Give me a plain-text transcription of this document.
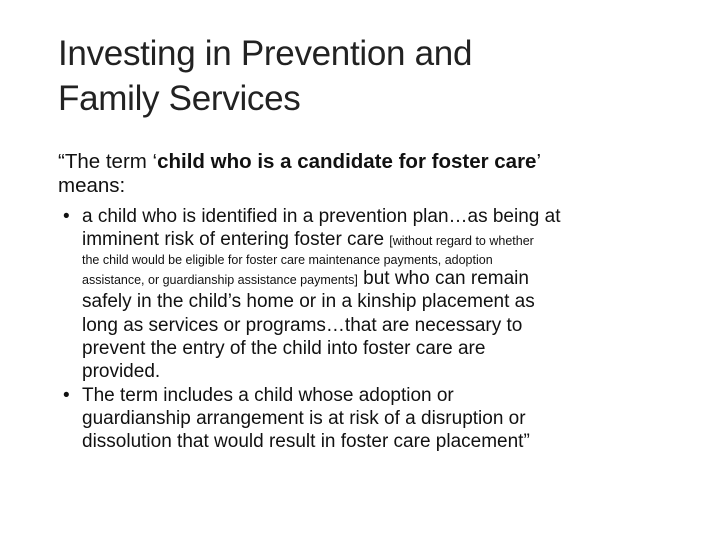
Investing in Prevention and
Family Services
“The term ‘child who is a candidate for foster care’
means:
• a child who is identified in a prevention plan…as being at
imminent risk of entering foster care [without regard to whether
the child would be eligible for foster care maintenance payments, adoption
assistance, or guardianship assistance payments] but who can remain
safely in the child’s home or in a kinship placement as
long as services or programs…that are necessary to
prevent the entry of the child into foster care are
provided.
• The term includes a child whose adoption or
guardianship arrangement is at risk of a disruption or
dissolution that would result in foster care placement”
